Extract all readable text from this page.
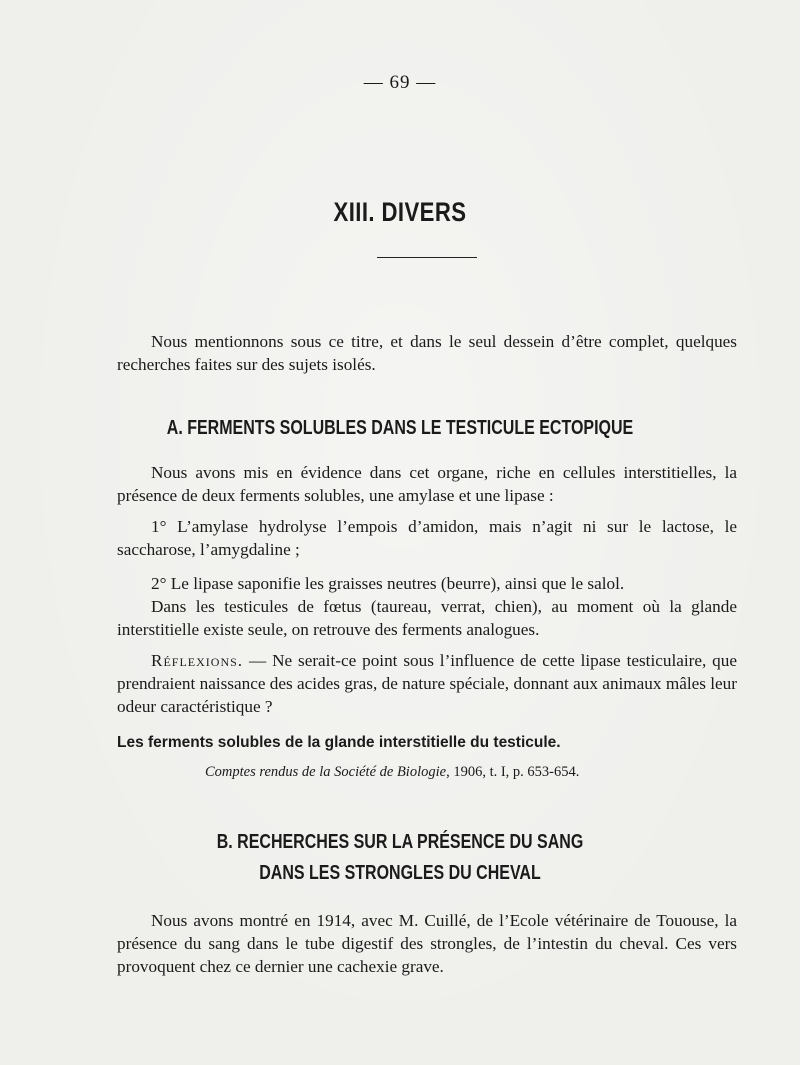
— 69 —
XIII. DIVERS

Nous mentionnons sous ce titre, et dans le seul dessein d’être complet, quelques recherches faites sur des sujets isolés.

A. FERMENTS SOLUBLES DANS LE TESTICULE ECTOPIQUE

Nous avons mis en évidence dans cet organe, riche en cellules interstitielles, la présence de deux ferments solubles, une amylase et une lipase :

1° L’amylase hydrolyse l’empois d’amidon, mais n’agit ni sur le lactose, le saccharose, l’amygdaline ;

2° Le lipase saponifie les graisses neutres (beurre), ainsi que le salol.

Dans les testicules de fœtus (taureau, verrat, chien), au moment où la glande interstitielle existe seule, on retrouve des ferments analogues.

Réflexions. — Ne serait-ce point sous l’influence de cette lipase testiculaire, que prendraient naissance des acides gras, de nature spéciale, donnant aux animaux mâles leur odeur caractéristique ?

Les ferments solubles de la glande interstitielle du testicule.
Comptes rendus de la Société de Biologie, 1906, t. I, p. 653-654.
B. RECHERCHES SUR LA PRÉSENCE DU SANG
DANS LES STRONGLES DU CHEVAL

Nous avons montré en 1914, avec M. Cuillé, de l’Ecole vétérinaire de Tououse, la présence du sang dans le tube digestif des strongles, de l’intestin du cheval. Ces vers provoquent chez ce dernier une cachexie grave.
